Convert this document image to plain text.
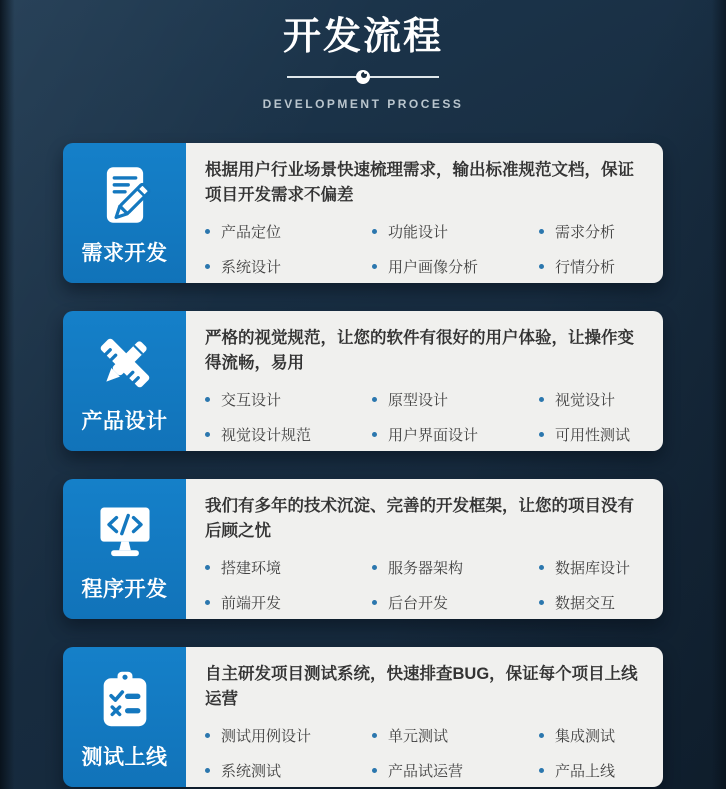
开发流程
DEVELOPMENT PROCESS
需求开发
根据用户行业场景快速梳理需求，输出标准规范文档，保证项目开发需求不偏差
产品定位	功能设计	需求分析
系统设计	用户画像分析	行情分析
产品设计
严格的视觉规范，让您的软件有很好的用户体验，让操作变得流畅，易用
交互设计	原型设计	视觉设计
视觉设计规范	用户界面设计	可用性测试
程序开发
我们有多年的技术沉淀、完善的开发框架，让您的项目没有后顾之忧
搭建环境	服务器架构	数据库设计
前端开发	后台开发	数据交互
测试上线
自主研发项目测试系统，快速排查BUG，保证每个项目上线运营
测试用例设计	单元测试	集成测试
系统测试	产品试运营	产品上线
